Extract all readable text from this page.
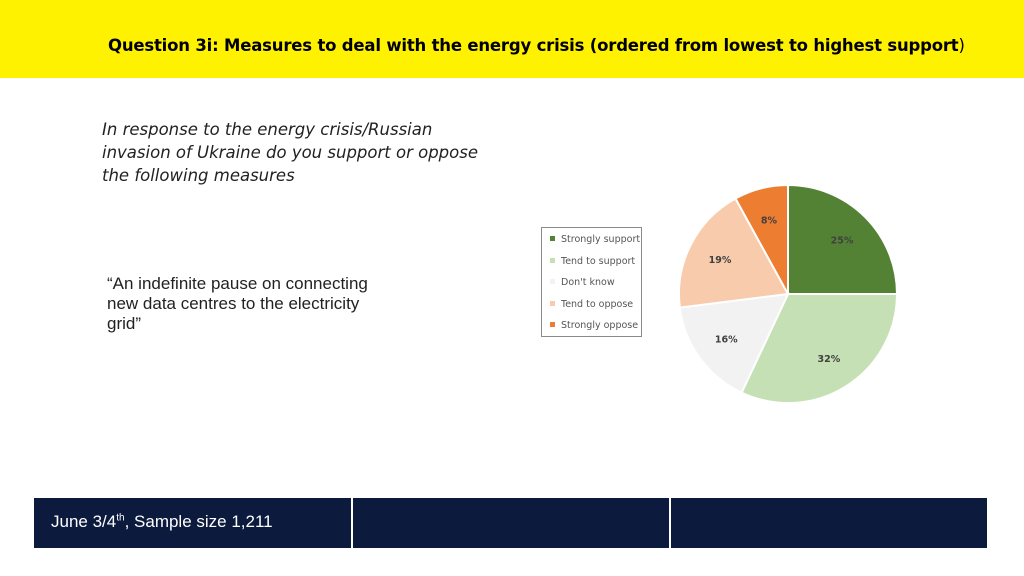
Question 3i: Measures to deal with the energy crisis (ordered from lowest to highest support)
In response to the energy crisis/Russian invasion of Ukraine do you support or oppose the following measures
“An indefinite pause on connecting new data centres to the electricity grid”
Strongly support
Tend to support
Don't know
Tend to oppose
Strongly oppose
25%
32%
16%
19%
8%
June 3/4th, Sample size 1,211
